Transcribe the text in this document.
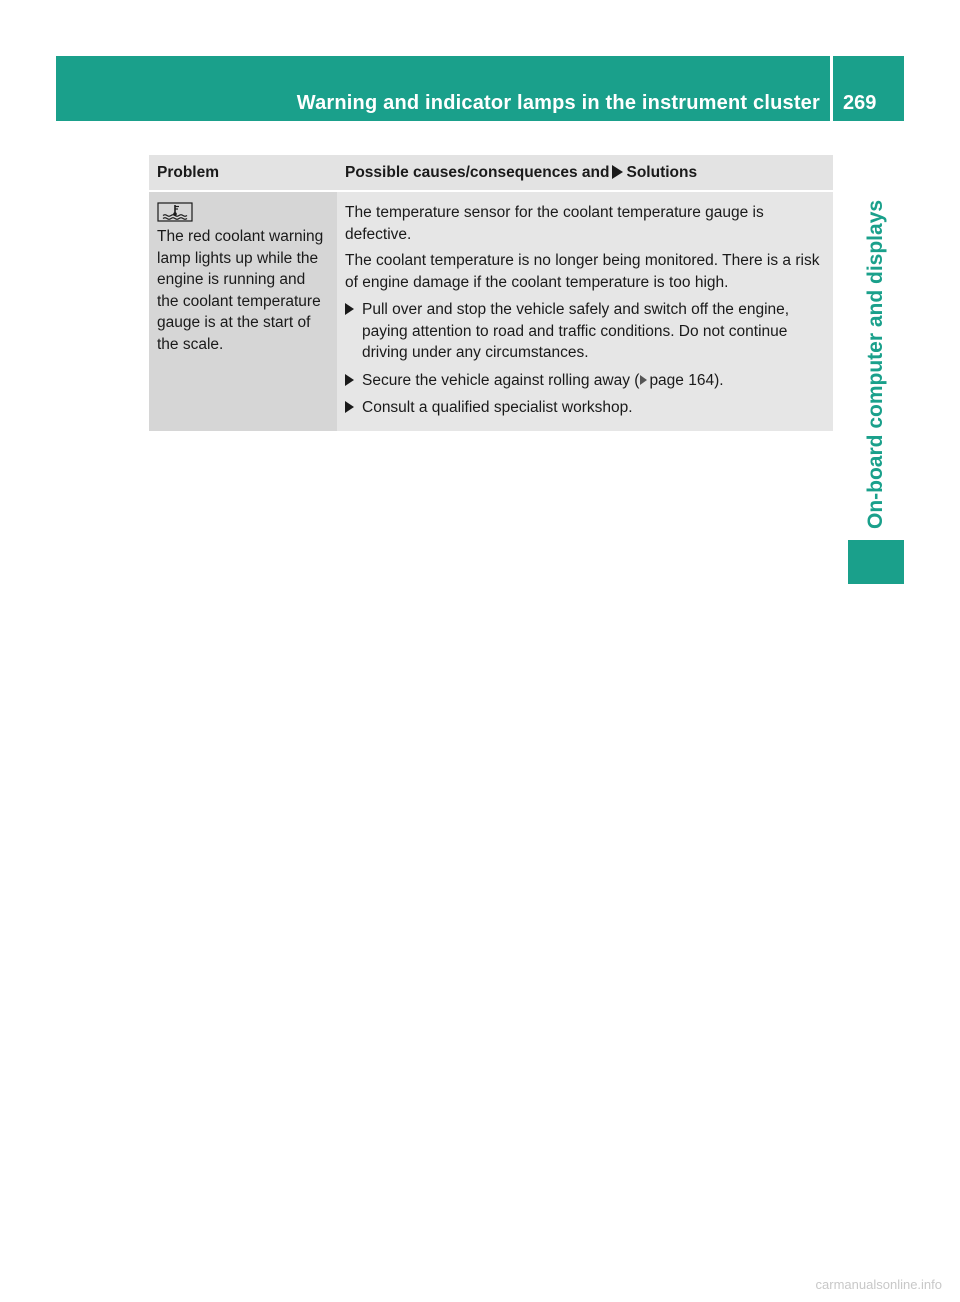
Warning and indicator lamps in the instrument cluster 269
On-board computer and displays
Problem	Possible causes/consequences and Solutions

The red coolant warning lamp lights up while the engine is running and the coolant temperature gauge is at the start of the scale.	The temperature sensor for the coolant temperature gauge is defective.

The coolant temperature is no longer being monitored. There is a risk of engine damage if the coolant temperature is too high.

Pull over and stop the vehicle safely and switch off the engine, paying attention to road and traffic conditions. Do not continue driving under any circumstances.
Secure the vehicle against rolling away ( page 164).
Consult a qualified specialist workshop.
carmanualsonline.info
